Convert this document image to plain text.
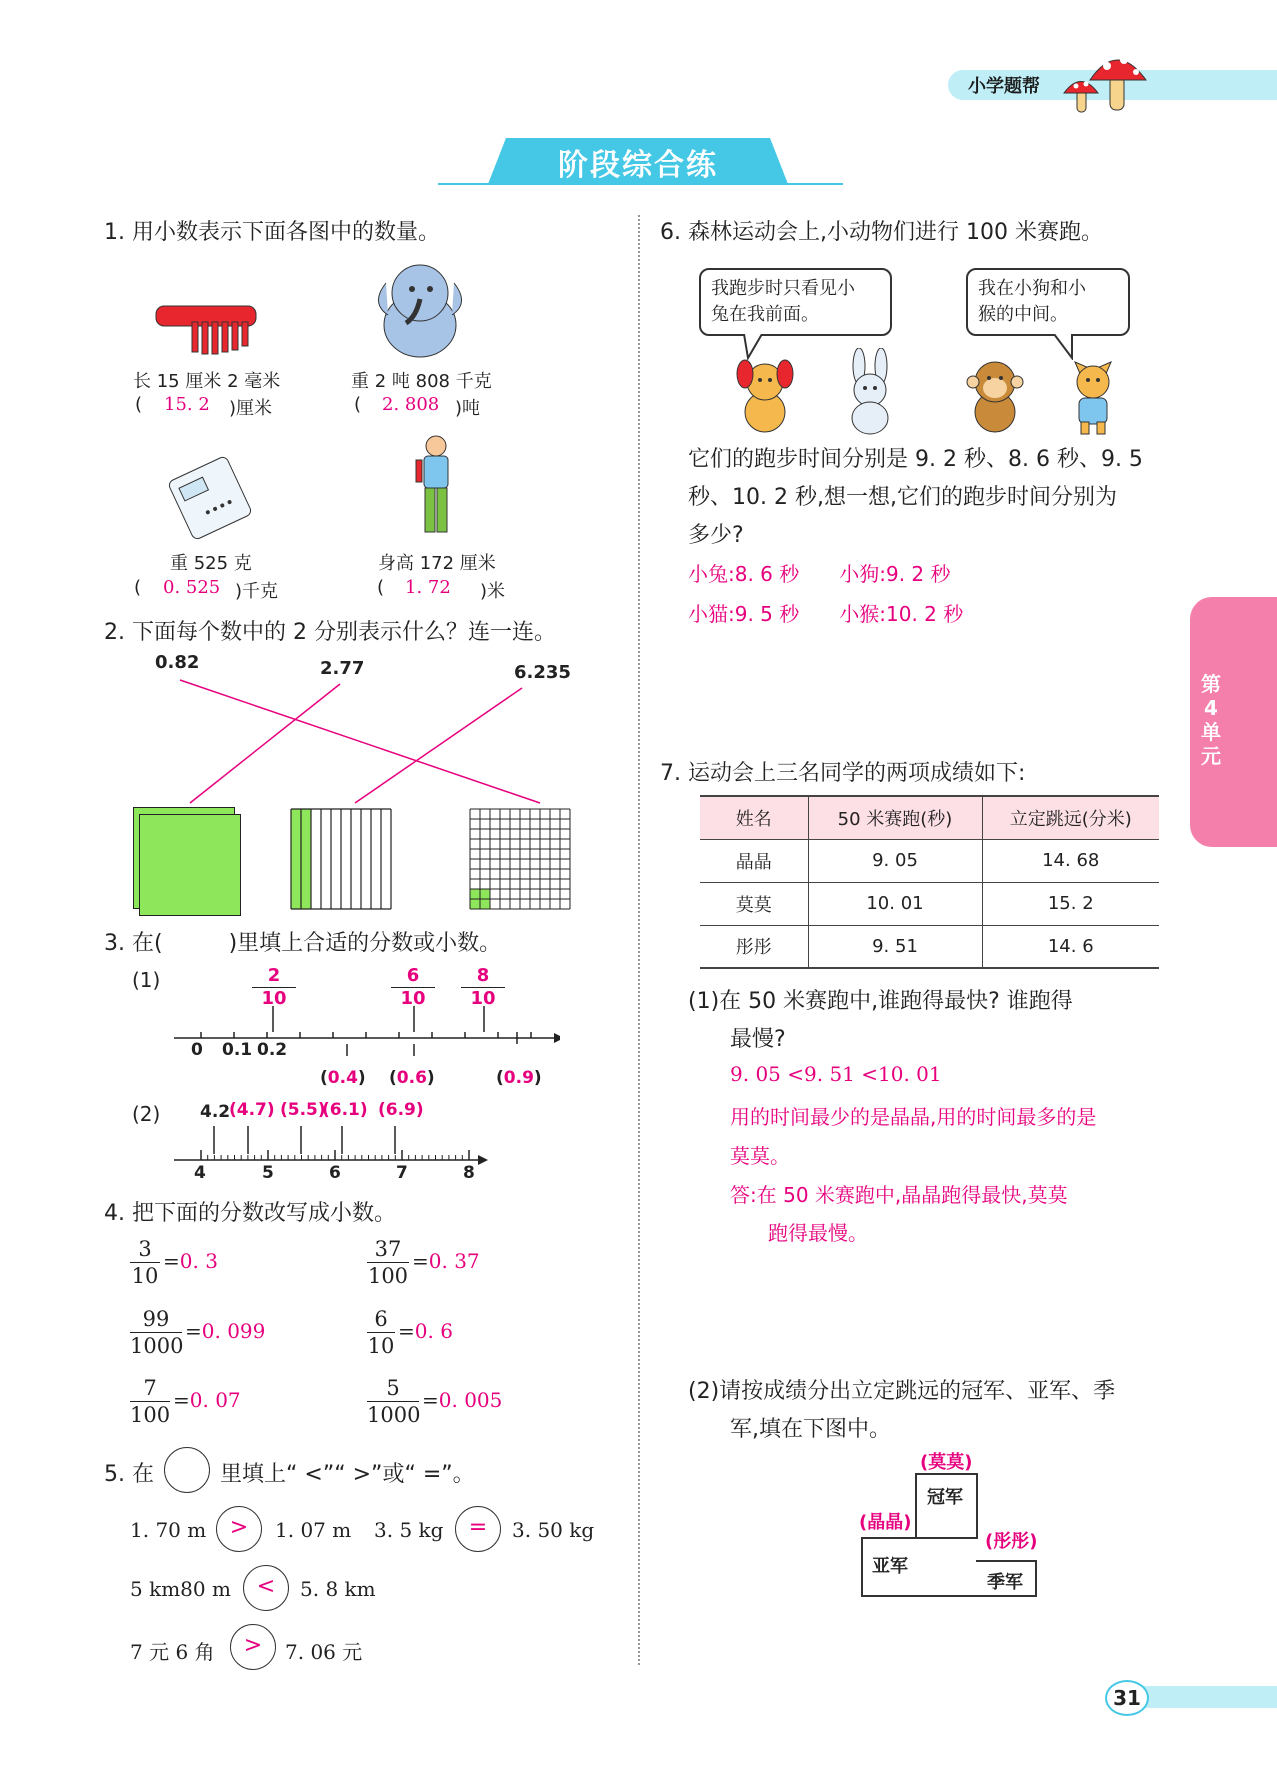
小学题帮
阶段综合练
第4单元
31
1. 用小数表示下面各图中的数量。
长 15 厘米 2 毫米
( 15. 2 )厘米
重 2 吨 808 千克
( 2. 808 )吨
重 525 克
( 0. 525 )千克
身高 172 厘米
( 1. 72 )米
2. 下面每个数中的 2 分别表示什么？连一连。
0.82	2.77	6.235
3. 在(　　　)里填上合适的分数或小数。
(1)	$\frac{2}{10}$	$\frac{6}{10} \frac{8}{10}$
0 0.1 0.2
(0.4) (0.6)	(0.9)
(2) 4.2
(4.7) (5.5)
(6.1) (6.9)
4	5	6	7	8
4. 把下面的分数改写成小数。
$\frac{3}{10} =0$. 3	$\frac{37}{100} =0$. 37
$\frac{99}{1000} =0$. 099	$\frac{6}{10} =0$. 6
$\frac{7}{100} =0$. 07	$\frac{5}{1000} =0$. 005
5. 在	里填上“ <”“ >”或“ =”。
1. 70 m	>	1. 07 m 3. 5 kg	=	3. 50 kg
5 km80 m	<	5. 8 km
7 元 6 角	>	7. 06 元
6. 森林运动会上,小动物们进行 100 米赛跑。
我跑步时只看见小
兔在我前面。
我在小狗和小
猴的中间。
它们的跑步时间分别是 9. 2 秒、8. 6 秒、9. 5
秒、10. 2 秒,想一想,它们的跑步时间分别为
多少?
小兔:8. 6 秒　　小狗:9. 2 秒
小猫:9. 5 秒　　小猴:10. 2 秒
7. 运动会上三名同学的两项成绩如下:
姓名	50 米赛跑(秒)	立定跳远(分米)
晶晶	9. 05	14. 68
莫莫	10. 01	15. 2
彤彤	9. 51	14. 6
(1)在 50 米赛跑中,谁跑得最快? 谁跑得
最慢?
9. 05 <9. 51 <10. 01
用的时间最少的是晶晶,用的时间最多的是
莫莫。
答:在 50 米赛跑中,晶晶跑得最快,莫莫
跑得最慢。
(2)请按成绩分出立定跳远的冠军、亚军、季
军,填在下图中。
冠军
亚军
季军
(莫莫)
(晶晶)
(彤彤)
